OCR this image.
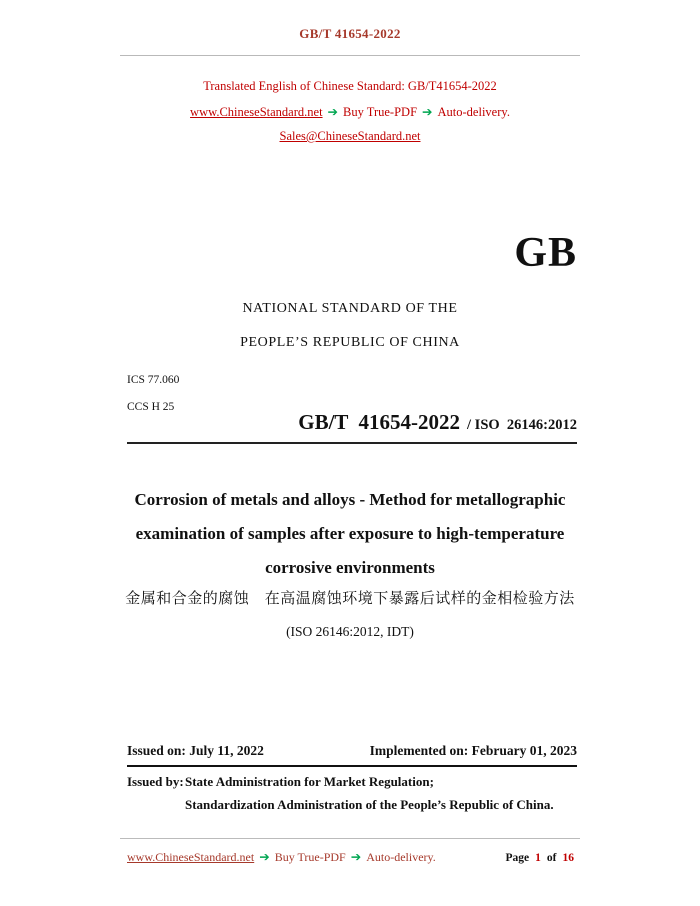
GB/T 41654-2022
Translated English of Chinese Standard: GB/T41654-2022
www.ChineseStandard.net ➔ Buy True-PDF ➔ Auto-delivery.
Sales@ChineseStandard.net
GB
NATIONAL STANDARD OF THE
PEOPLE’S REPUBLIC OF CHINA
ICS 77.060
CCS H 25
GB/T  41654-2022 / ISO  26146:2012
Corrosion of metals and alloys - Method for metallographic
examination of samples after exposure to high-temperature
corrosive environments
金属和合金的腐蚀　在高温腐蚀环境下暴露后试样的金相检验方法
(ISO 26146:2012, IDT)
Issued on: July 11, 2022	Implemented on: February 01, 2023
Issued by: State Administration for Market Regulation;
Standardization Administration of the People’s Republic of China.
www.ChineseStandard.net ➔ Buy True-PDF ➔ Auto-delivery.	Page 1 of 16
